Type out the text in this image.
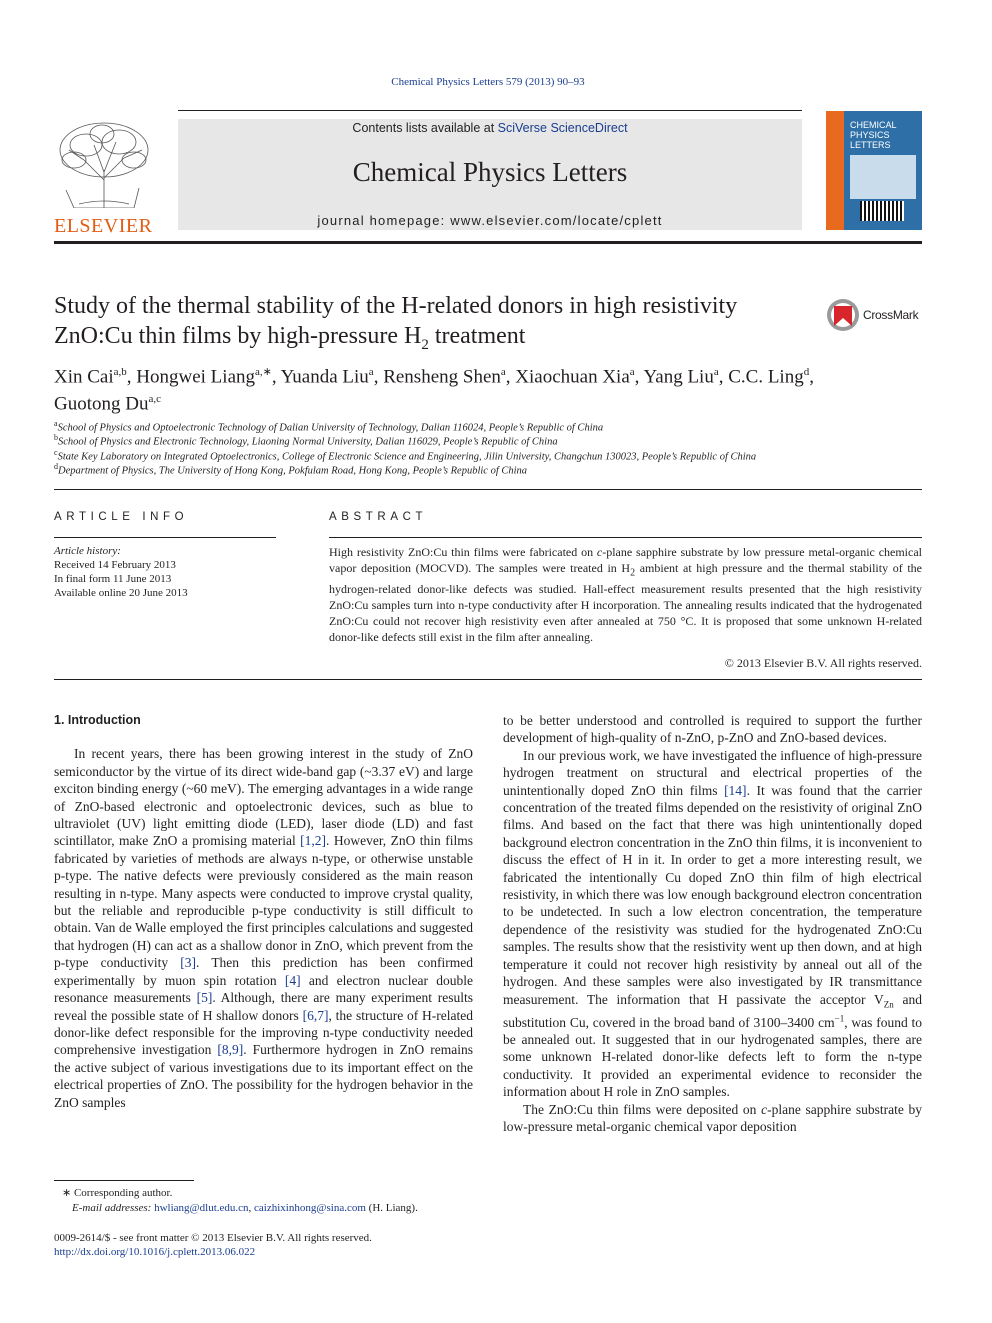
Chemical Physics Letters 579 (2013) 90–93
ELSEVIER
Contents lists available at SciVerse ScienceDirect
Chemical Physics Letters
journal homepage: www.elsevier.com/locate/cplett
CHEMICAL PHYSICS LETTERS
Study of the thermal stability of the H-related donors in high resistivity ZnO:Cu thin films by high-pressure $H_2$ treatment
CrossMark
Xin Cai$^{a,b}$, Hongwei Liang$^{a,∗}$, Yuanda Liu$^a$, Rensheng Shen$^a$, Xiaochuan Xia$^a$, Yang Liu$^a$, C.C. Ling$^d$,
Guotong Du$^{a,c}$
$^a$School of Physics and Optoelectronic Technology of Dalian University of Technology, Dalian 116024, People’s Republic of China
$^b$School of Physics and Electronic Technology, Liaoning Normal University, Dalian 116029, People’s Republic of China
$^c$State Key Laboratory on Integrated Optoelectronics, College of Electronic Science and Engineering, Jilin University, Changchun 130023, People’s Republic of China
$^d$Department of Physics, The University of Hong Kong, Pokfulam Road, Hong Kong, People’s Republic of China
ARTICLE INFO
Article history:
Received 14 February 2013
In final form 11 June 2013
Available online 20 June 2013
ABSTRACT
High resistivity ZnO:Cu thin films were fabricated on c-plane sapphire substrate by low pressure metal-organic chemical vapor deposition (MOCVD). The samples were treated in $H_2$ ambient at high pressure and the thermal stability of the hydrogen-related donor-like defects was studied. Hall-effect measurement results presented that the high resistivity ZnO:Cu samples turn into n-type conductivity after H incorporation. The annealing results indicated that the hydrogenated ZnO:Cu could not recover high resistivity even after annealed at 750 °C. It is proposed that some unknown H-related donor-like defects still exist in the film after annealing.
© 2013 Elsevier B.V. All rights reserved.
1. Introduction

In recent years, there has been growing interest in the study of ZnO semiconductor by the virtue of its direct wide-band gap (~3.37 eV) and large exciton binding energy (~60 meV). The emerging advantages in a wide range of ZnO-based electronic and optoelectronic devices, such as blue to ultraviolet (UV) light emitting diode (LED), laser diode (LD) and fast scintillator, make ZnO a promising material [1,2]. However, ZnO thin films fabricated by varieties of methods are always n-type, or otherwise unstable p-type. The native defects were previously considered as the main reason resulting in n-type. Many aspects were conducted to improve crystal quality, but the reliable and reproducible p-type conductivity is still difficult to obtain. Van de Walle employed the first principles calculations and suggested that hydrogen (H) can act as a shallow donor in ZnO, which prevent from the p-type conductivity [3]. Then this prediction has been confirmed experimentally by muon spin rotation [4] and electron nuclear double resonance measurements [5]. Although, there are many experiment results reveal the possible state of H shallow donors [6,7], the structure of H-related donor-like defect responsible for the improving n-type conductivity needed comprehensive investigation [8,9]. Furthermore hydrogen in ZnO remains the active subject of various investigations due to its important effect on the electrical properties of ZnO. The possibility for the hydrogen behavior in the ZnO samples

to be better understood and controlled is required to support the further development of high-quality of n-ZnO, p-ZnO and ZnO-based devices.

In our previous work, we have investigated the influence of high-pressure hydrogen treatment on structural and electrical properties of the unintentionally doped ZnO thin films [14]. It was found that the carrier concentration of the treated films depended on the resistivity of original ZnO films. And based on the fact that there was high unintentionally doped background electron concentration in the ZnO thin films, it is inconvenient to discuss the effect of H in it. In order to get a more interesting result, we fabricated the intentionally Cu doped ZnO thin film of high electrical resistivity, in which there was low enough background electron concentration to be undetected. In such a low electron concentration, the temperature dependence of the resistivity was studied for the hydrogenated ZnO:Cu samples. The results show that the resistivity went up then down, and at high temperature it could not recover high resistivity by anneal out all of the hydrogen. And these samples were also investigated by IR transmittance measurement. The information that H passivate the acceptor $V_{Zn}$ and substitution Cu, covered in the broad band of 3100–3400 $cm^{-1}$, was found to be annealed out. It suggested that in our hydrogenated samples, there are some unknown H-related donor-like defects left to form the n-type conductivity. It provided an experimental evidence to reconsider the information about H role in ZnO samples.

The ZnO:Cu thin films were deposited on c-plane sapphire substrate by low-pressure metal-organic chemical vapor deposition

∗ Corresponding author.
E-mail addresses: hwliang@dlut.edu.cn, caizhixinhong@sina.com (H. Liang).
0009-2614/$ - see front matter © 2013 Elsevier B.V. All rights reserved.
http://dx.doi.org/10.1016/j.cplett.2013.06.022
